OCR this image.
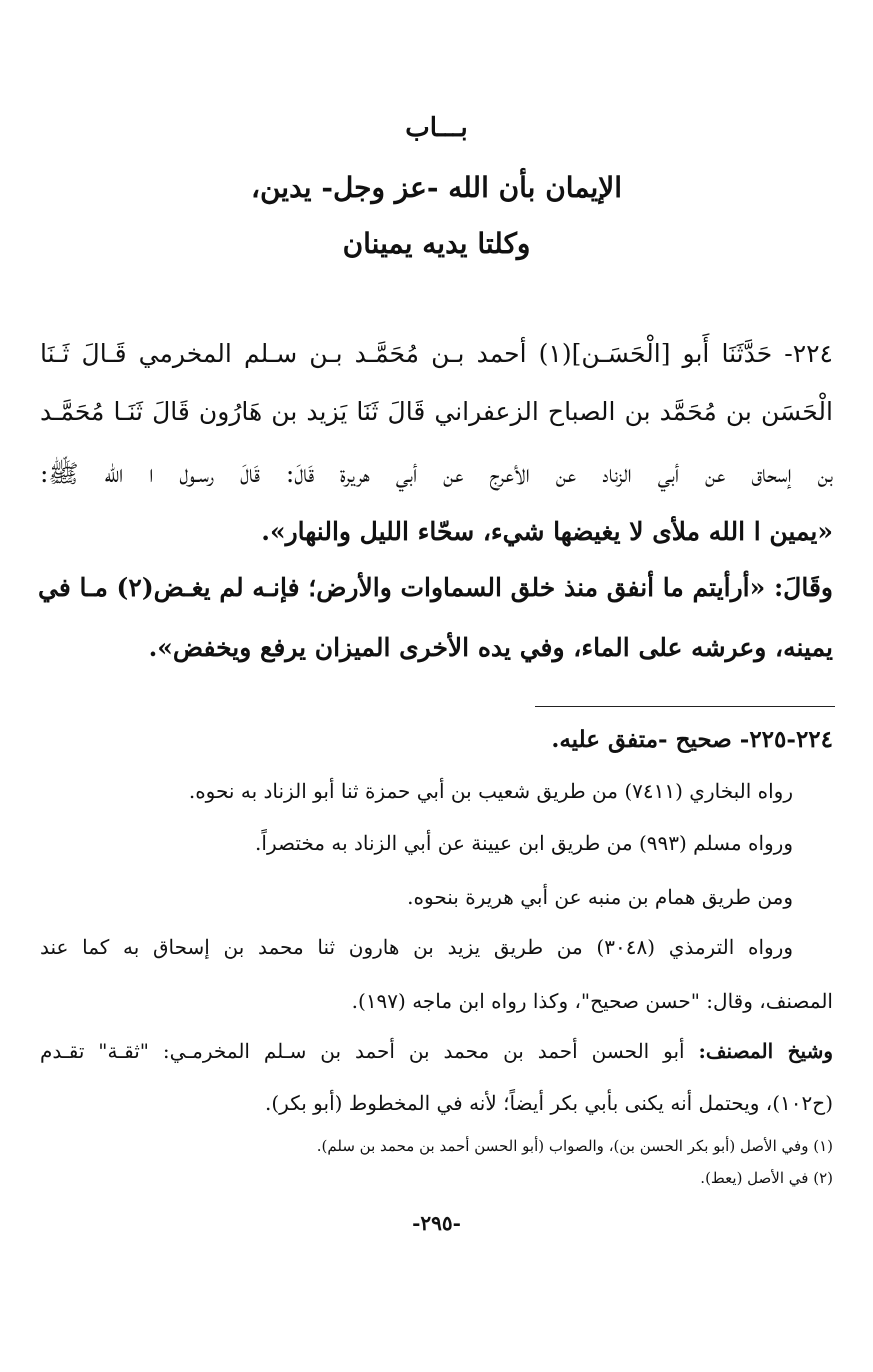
بـــاب
الإيمان بأن الله -عز وجل- يدين،
وكلتا يديه يمينان
٢٢٤- حَدَّثَنَا أَبو [الْحَسَـن](١) أحمد بـن مُحَمَّـد بـن سـلم المخرمي قَـالَ ثَـنَا
الْحَسَن بن مُحَمَّد بن الصباح الزعفراني قَالَ ثَنَا يَزيد بن هَارُون قَالَ ثَنَـا مُحَمَّـد
بن إسحاق عن أبي الزناد عن الأعرج عن أبي هريرة قَالَ: قَالَ رسـول ا الله ﷺ:
«يمين ا الله ملأى لا يغيضها شيء، سحّاء الليل والنهار».
وقَالَ: «أرأيتم ما أنفق منذ خلق السماوات والأرض؛ فإنـه لم يغـض(٢) مـا في
يمينه، وعرشه على الماء، وفي يده الأخرى الميزان يرفع ويخفض».
٢٢٤-٢٢٥- صحيح -متفق عليه.
رواه البخاري (٧٤١١) من طريق شعيب بن أبي حمزة ثنا أبو الزناد به نحوه.
ورواه مسلم (٩٩٣) من طريق ابن عيينة عن أبي الزناد به مختصراً.
ومن طريق همام بن منبه عن أبي هريرة بنحوه.
ورواه الترمذي (٣٠٤٨) من طريق يزيد بن هارون ثنا محمد بن إسحاق به كما عند
المصنف، وقال: "حسن صحيح"، وكذا رواه ابن ماجه (١٩٧).
وشيخ المصنف: أبو الحسن أحمد بن محمد بن أحمد بن سـلم المخرمـي: "ثقـة" تقـدم
(ح١٠٢)، ويحتمل أنه يكنى بأبي بكر أيضاً؛ لأنه في المخطوط (أبو بكر).
(١) وفي الأصل (أبو بكر الحسن بن)، والصواب (أبو الحسن أحمد بن محمد بن سلم).
(٢) في الأصل (يعط).
-٢٩٥-
